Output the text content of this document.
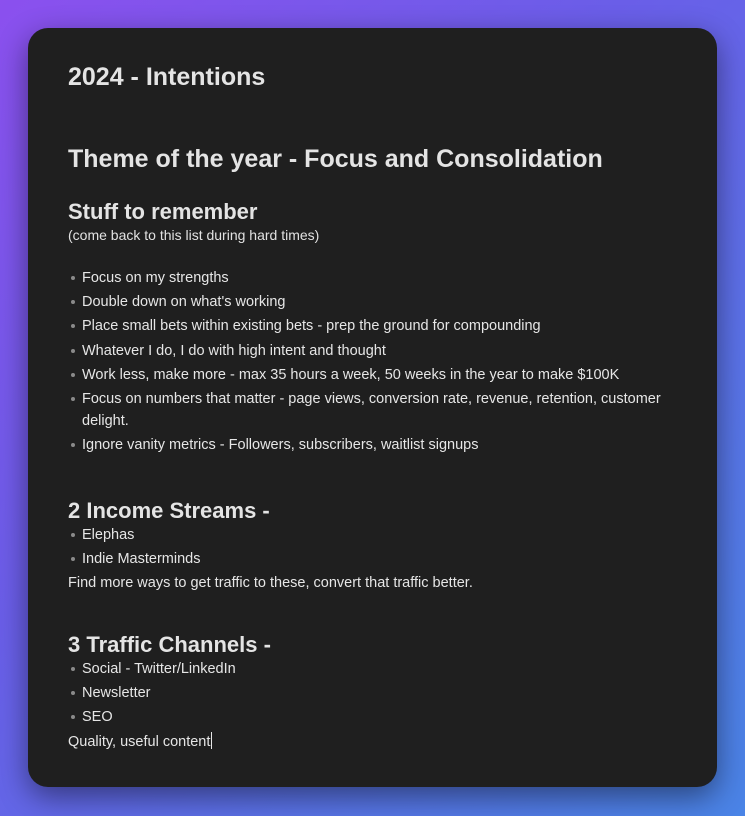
2024 - Intentions
Theme of the year - Focus and Consolidation
Stuff to remember

(come back to this list during hard times)

Focus on my strengths
Double down on what's working
Place small bets within existing bets - prep the ground for compounding
Whatever I do, I do with high intent and thought
Work less, make more - max 35 hours a week, 50 weeks in the year to make $100K
Focus on numbers that matter - page views, conversion rate, revenue, retention, customer delight.
Ignore vanity metrics - Followers, subscribers, waitlist signups
2 Income Streams -
Elephas
Indie Masterminds

Find more ways to get traffic to these, convert that traffic better.

3 Traffic Channels -
Social - Twitter/LinkedIn
Newsletter
SEO

Quality, useful content
